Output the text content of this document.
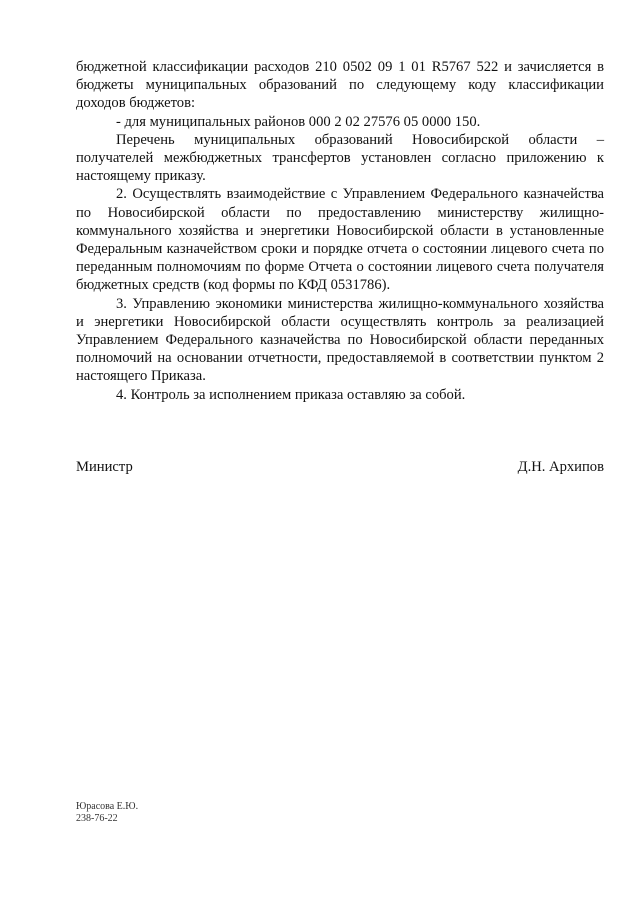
бюджетной классификации расходов 210 0502 09 1 01 R5767 522 и зачисляется в бюджеты муниципальных образований по следующему коду классификации доходов бюджетов:

- для муниципальных районов 000 2 02 27576 05 0000 150.

Перечень муниципальных образований Новосибирской области – получателей межбюджетных трансфертов установлен согласно приложению к настоящему приказу.

2. Осуществлять взаимодействие с Управлением Федерального казначейства по Новосибирской области по предоставлению министерству жилищно-коммунального хозяйства и энергетики Новосибирской области в установленные Федеральным казначейством сроки и порядке отчета о состоянии лицевого счета по переданным полномочиям по форме Отчета о состоянии лицевого счета получателя бюджетных средств (код формы по КФД 0531786).

3. Управлению экономики министерства жилищно-коммунального хозяйства и энергетики Новосибирской области осуществлять контроль за реализацией Управлением Федерального казначейства по Новосибирской области переданных полномочий на основании отчетности, предоставляемой в соответствии пунктом 2 настоящего Приказа.

4. Контроль за исполнением приказа оставляю за собой.

Министр	Д.Н. Архипов
Юрасова Е.Ю.
238-76-22
